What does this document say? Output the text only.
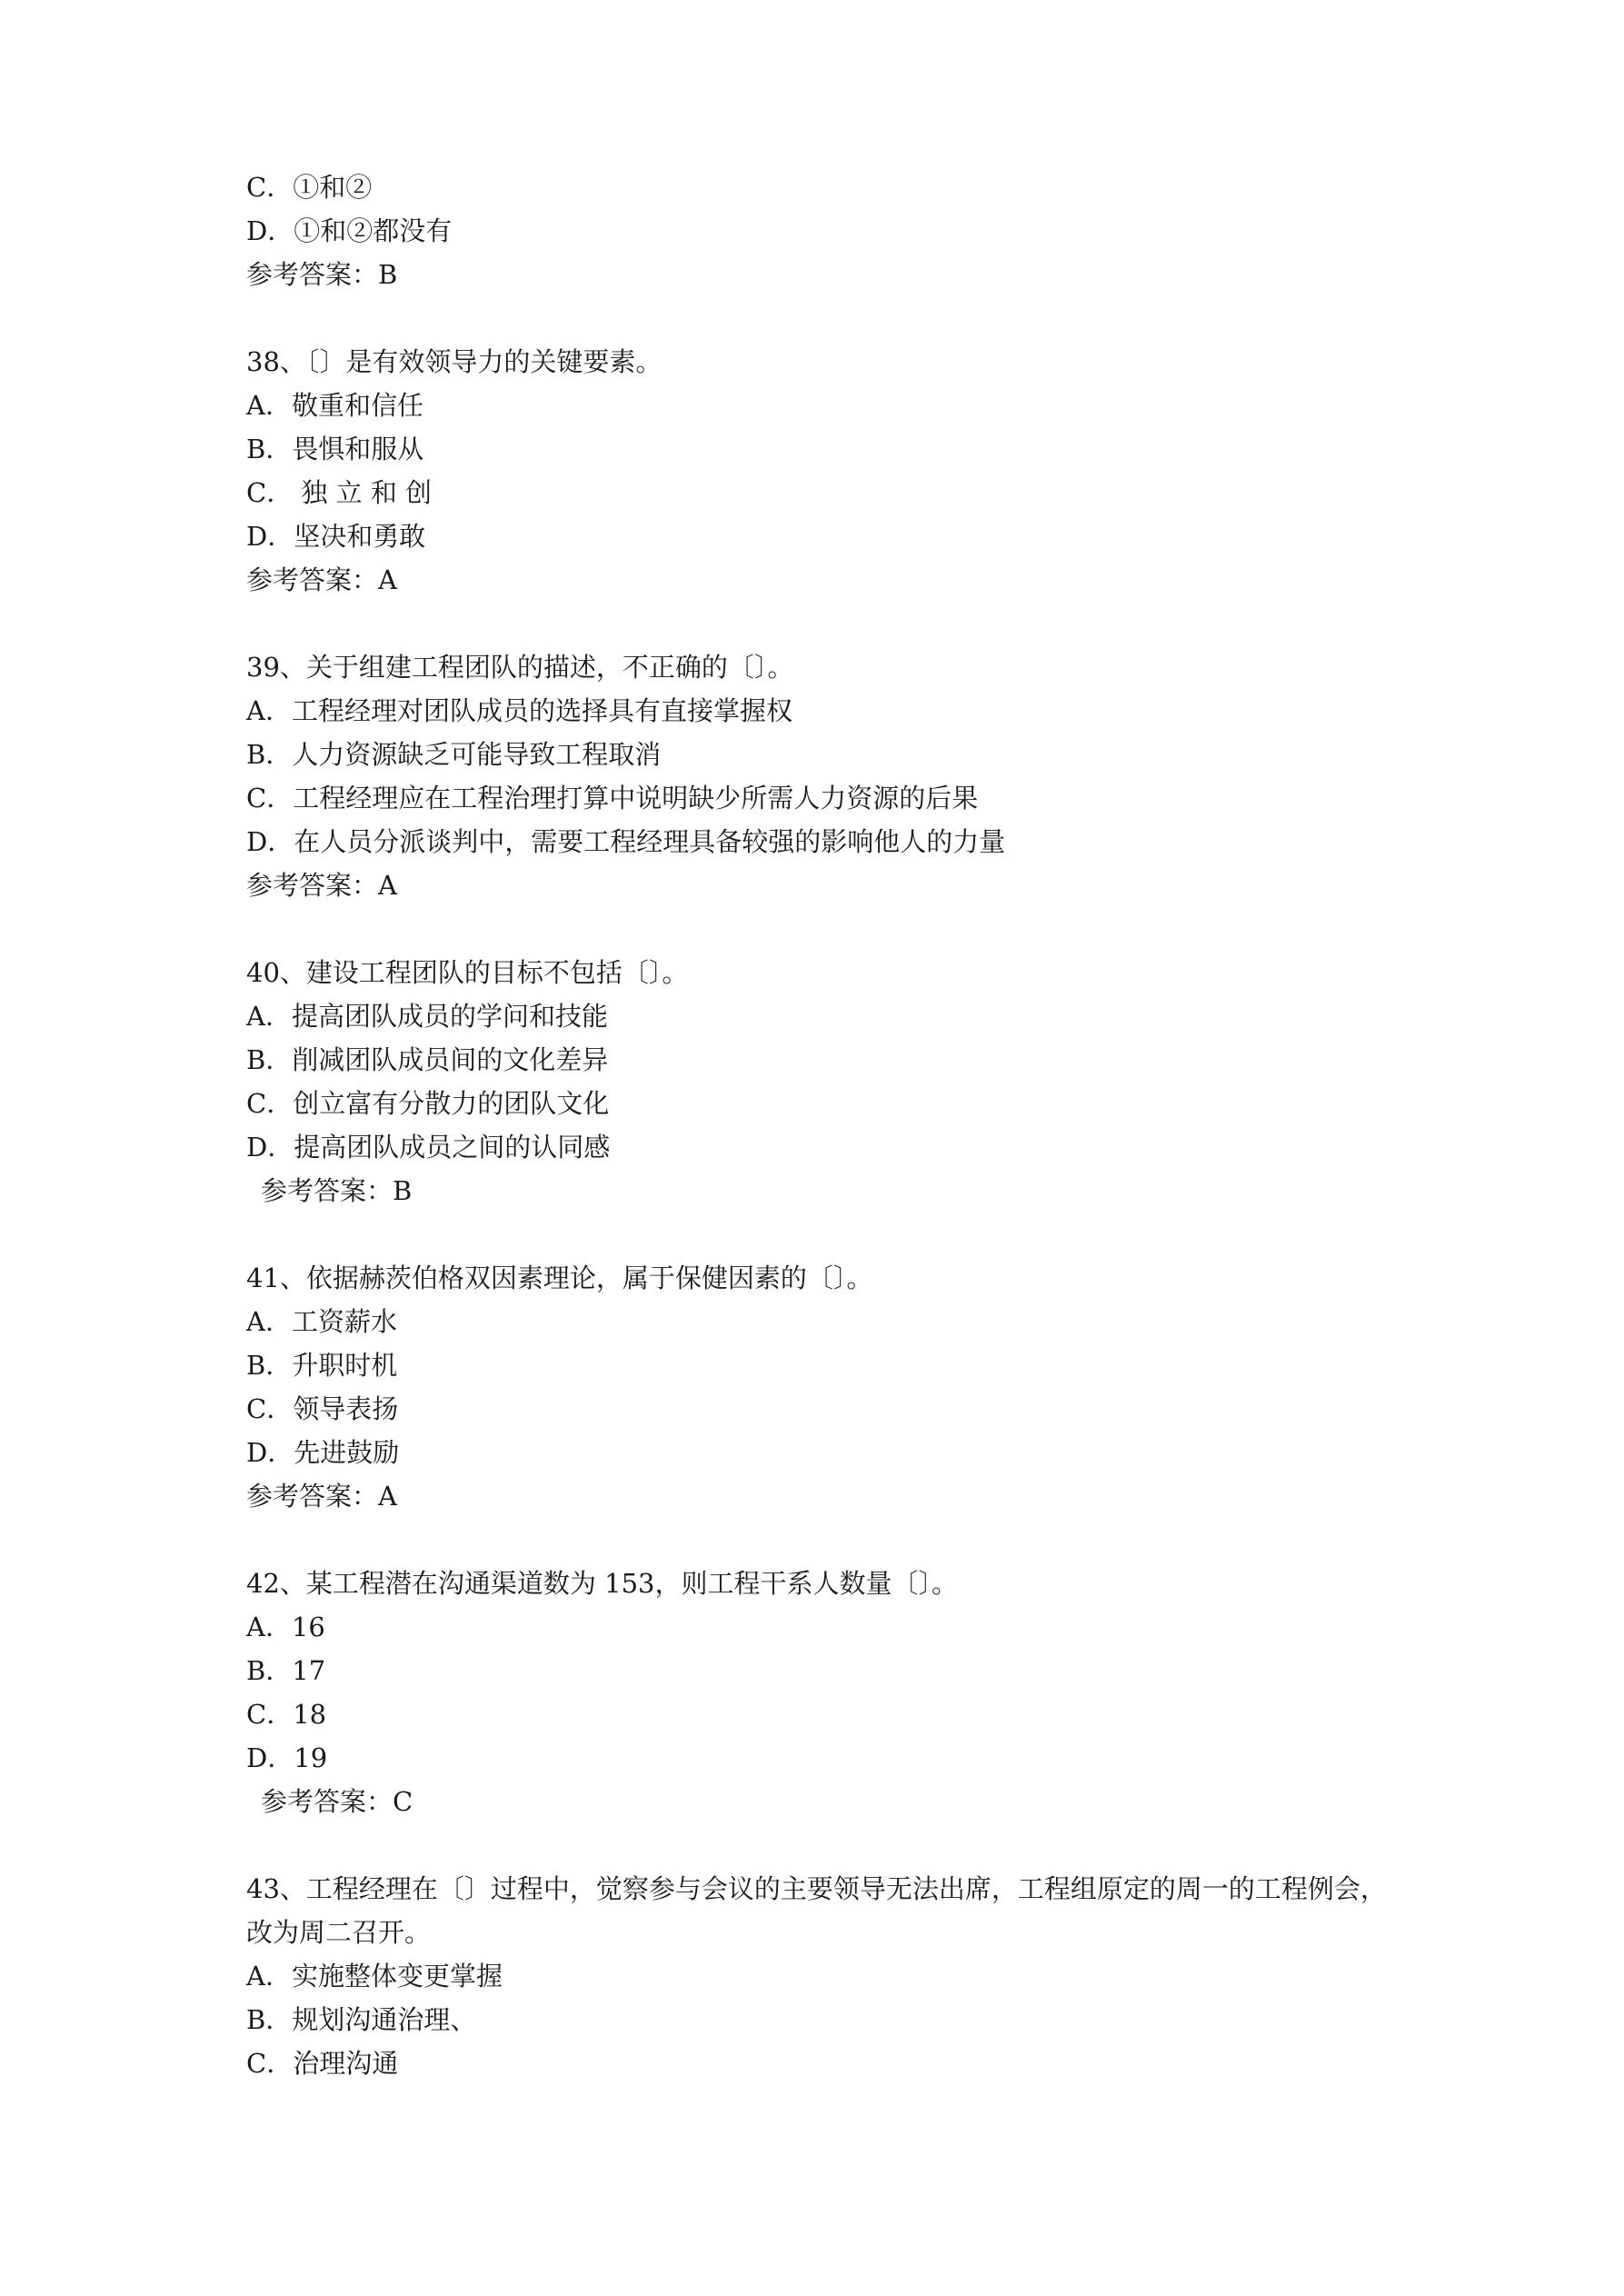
C．①和②
D．①和②都没有
参考答案：B
38、〔〕是有效领导力的关键要素。
A．敬重和信任
B．畏惧和服从
C． 独 立 和 创
D．坚决和勇敢
参考答案：A
39、关于组建工程团队的描述，不正确的〔〕。
A．工程经理对团队成员的选择具有直接掌握权
B．人力资源缺乏可能导致工程取消
C．工程经理应在工程治理打算中说明缺少所需人力资源的后果
D．在人员分派谈判中，需要工程经理具备较强的影响他人的力量
参考答案：A
40、建设工程团队的目标不包括〔〕。
A．提高团队成员的学问和技能
B．削减团队成员间的文化差异
C．创立富有分散力的团队文化
D．提高团队成员之间的认同感
参考答案：B
41、依据赫茨伯格双因素理论，属于保健因素的〔〕。
A．工资薪水
B．升职时机
C．领导表扬
D．先进鼓励
参考答案：A
42、某工程潜在沟通渠道数为 153，则工程干系人数量〔〕。
A．16
B．17
C．18
D．19
参考答案：C
43、工程经理在〔〕过程中，觉察参与会议的主要领导无法出席，工程组原定的周一的工程例会，改为周二召开。
A．实施整体变更掌握
B．规划沟通治理、
C．治理沟通
